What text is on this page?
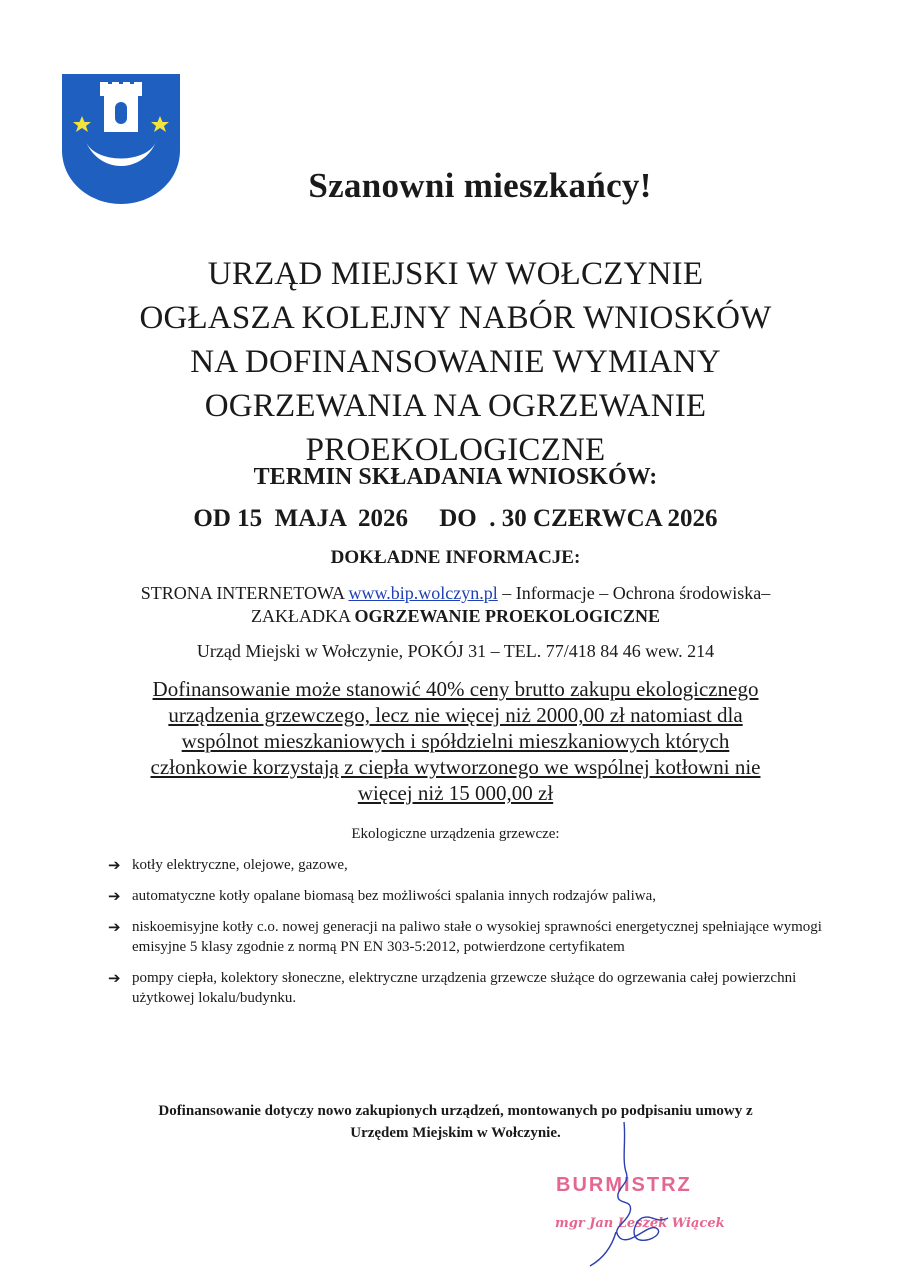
Szanowni mieszkańcy!
URZĄD MIEJSKI W WOŁCZYNIE
OGŁASZA KOLEJNY NABÓR WNIOSKÓW
NA DOFINANSOWANIE WYMIANY
OGRZEWANIA NA OGRZEWANIE
PROEKOLOGICZNE
TERMIN SKŁADANIA WNIOSKÓW:
OD 15  MAJA  2026     DO  . 30 CZERWCA 2026
DOKŁADNE INFORMACJE:
STRONA INTERNETOWA www.bip.wolczyn.pl – Informacje – Ochrona środowiska–
ZAKŁADKA OGRZEWANIE PROEKOLOGICZNE
Urząd Miejski w Wołczynie, POKÓJ 31 – TEL. 77/418 84 46 wew. 214
Dofinansowanie może stanowić 40% ceny brutto zakupu ekologicznego
urządzenia grzewczego, lecz nie więcej niż 2000,00 zł natomiast dla
wspólnot mieszkaniowych i spółdzielni mieszkaniowych których
członkowie korzystają z ciepła wytworzonego we wspólnej kotłowni nie
więcej niż 15 000,00 zł
Ekologiczne urządzenia grzewcze:
➔ kotły elektryczne, olejowe, gazowe,
➔ automatyczne kotły opalane biomasą bez możliwości spalania innych rodzajów paliwa,
➔ niskoemisyjne kotły c.o. nowej generacji na paliwo stałe o wysokiej sprawności energetycznej spełniające wymogi emisyjne 5 klasy zgodnie z normą PN EN 303-5:2012, potwierdzone certyfikatem
➔ pompy ciepła, kolektory słoneczne, elektryczne urządzenia grzewcze służące do ogrzewania całej powierzchni użytkowej lokalu/budynku.
Dofinansowanie dotyczy nowo zakupionych urządzeń, montowanych po podpisaniu umowy z
Urzędem Miejskim w Wołczynie.
BURMISTRZ
mgr Jan Leszek Wiącek
